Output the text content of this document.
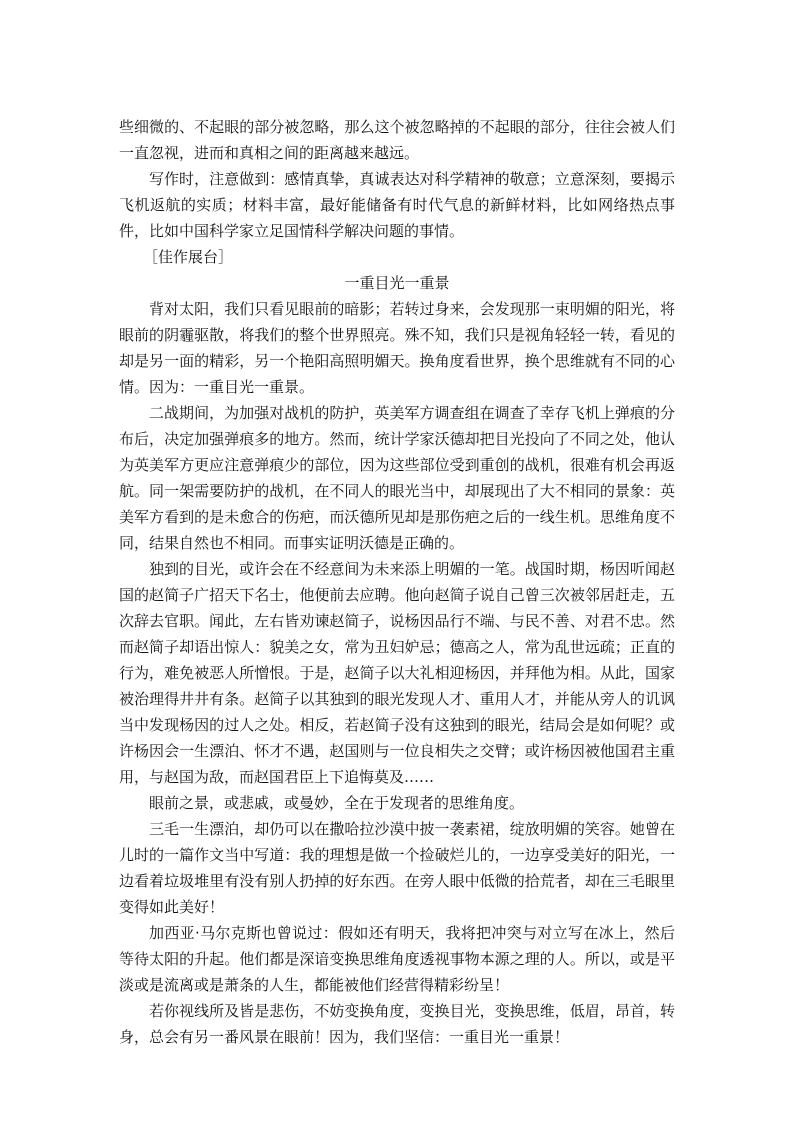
些细微的、不起眼的部分被忽略，那么这个被忽略掉的不起眼的部分，往往会被人们一直忽视，进而和真相之间的距离越来越远。

写作时，注意做到：感情真挚，真诚表达对科学精神的敬意；立意深刻，要揭示飞机返航的实质；材料丰富，最好能储备有时代气息的新鲜材料，比如网络热点事件，比如中国科学家立足国情科学解决问题的事情。

［佳作展台］

一重目光一重景

背对太阳，我们只看见眼前的暗影；若转过身来，会发现那一束明媚的阳光，将眼前的阴霾驱散，将我们的整个世界照亮。殊不知，我们只是视角轻轻一转，看见的却是另一面的精彩，另一个艳阳高照明媚天。换角度看世界，换个思维就有不同的心情。因为：一重目光一重景。

二战期间，为加强对战机的防护，英美军方调查组在调查了幸存飞机上弹痕的分布后，决定加强弹痕多的地方。然而，统计学家沃德却把目光投向了不同之处，他认为英美军方更应注意弹痕少的部位，因为这些部位受到重创的战机，很难有机会再返航。同一架需要防护的战机，在不同人的眼光当中，却展现出了大不相同的景象：英美军方看到的是未愈合的伤疤，而沃德所见却是那伤疤之后的一线生机。思维角度不同，结果自然也不相同。而事实证明沃德是正确的。

独到的目光，或许会在不经意间为未来添上明媚的一笔。战国时期，杨因听闻赵国的赵简子广招天下名士，他便前去应聘。他向赵简子说自己曾三次被邻居赶走，五次辞去官职。闻此，左右皆劝谏赵简子，说杨因品行不端、与民不善、对君不忠。然而赵简子却语出惊人：貌美之女，常为丑妇妒忌；德高之人，常为乱世远疏；正直的行为，难免被恶人所憎恨。于是，赵简子以大礼相迎杨因，并拜他为相。从此，国家被治理得井井有条。赵简子以其独到的眼光发现人才、重用人才，并能从旁人的讥讽当中发现杨因的过人之处。相反，若赵简子没有这独到的眼光，结局会是如何呢？或许杨因会一生漂泊、怀才不遇，赵国则与一位良相失之交臂；或许杨因被他国君主重用，与赵国为敌，而赵国君臣上下追悔莫及……

眼前之景，或悲戚，或曼妙，全在于发现者的思维角度。

三毛一生漂泊，却仍可以在撒哈拉沙漠中披一袭素裙，绽放明媚的笑容。她曾在儿时的一篇作文当中写道：我的理想是做一个捡破烂儿的，一边享受美好的阳光，一边看着垃圾堆里有没有别人扔掉的好东西。在旁人眼中低微的拾荒者，却在三毛眼里变得如此美好！

加西亚·马尔克斯也曾说过：假如还有明天，我将把冲突与对立写在冰上，然后等待太阳的升起。他们都是深谙变换思维角度透视事物本源之理的人。所以，或是平淡或是流离或是萧条的人生，都能被他们经营得精彩纷呈！

若你视线所及皆是悲伤，不妨变换角度，变换目光，变换思维，低眉，昂首，转身，总会有另一番风景在眼前！因为，我们坚信：一重目光一重景！
